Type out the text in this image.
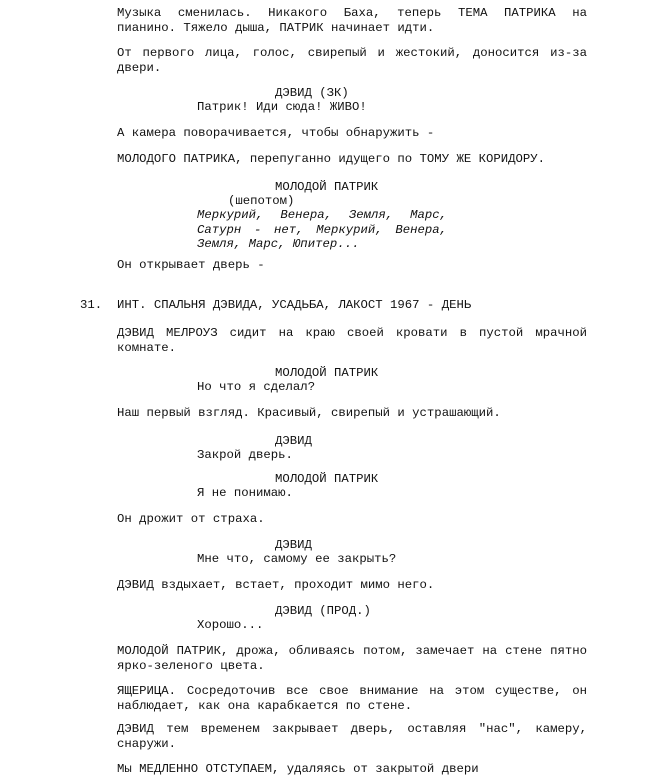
Музыка сменилась. Никакого Баха, теперь ТЕМА ПАТРИКА на пианино. Тяжело дыша, ПАТРИК начинает идти.

От первого лица, голос, свирепый и жестокий, доносится из-за двери.

ДЭВИД (ЗК)

Патрик! Иди сюда! ЖИВО!

А камера поворачивается, чтобы обнаружить -

МОЛОДОГО ПАТРИКА, перепуганно идущего по ТОМУ ЖЕ КОРИДОРУ.

МОЛОДОЙ ПАТРИК

(шепотом)

Меркурий, Венера, Земля, Марс, Сатурн - нет, Меркурий, Венера, Земля, Марс, Юпитер...

Он открывает дверь -

31. ИНТ. СПАЛЬНЯ ДЭВИДА, УСАДЬБА, ЛАКОСТ 1967 - ДЕНЬ

ДЭВИД МЕЛРОУЗ сидит на краю своей кровати в пустой мрачной комнате.

МОЛОДОЙ ПАТРИК

Но что я сделал?

Наш первый взгляд. Красивый, свирепый и устрашающий.

ДЭВИД

Закрой дверь.

МОЛОДОЙ ПАТРИК

Я не понимаю.

Он дрожит от страха.

ДЭВИД

Мне что, самому ее закрыть?

ДЭВИД вздыхает, встает, проходит мимо него.

ДЭВИД (ПРОД.)

Хорошо...

МОЛОДОЙ ПАТРИК, дрожа, обливаясь потом, замечает на стене пятно ярко-зеленого цвета.

ЯЩЕРИЦА. Сосредоточив все свое внимание на этом существе, он наблюдает, как она карабкается по стене.

ДЭВИД тем временем закрывает дверь, оставляя "нас", камеру, снаружи.

Мы МЕДЛЕННО ОТСТУПАЕМ, удаляясь от закрытой двери
